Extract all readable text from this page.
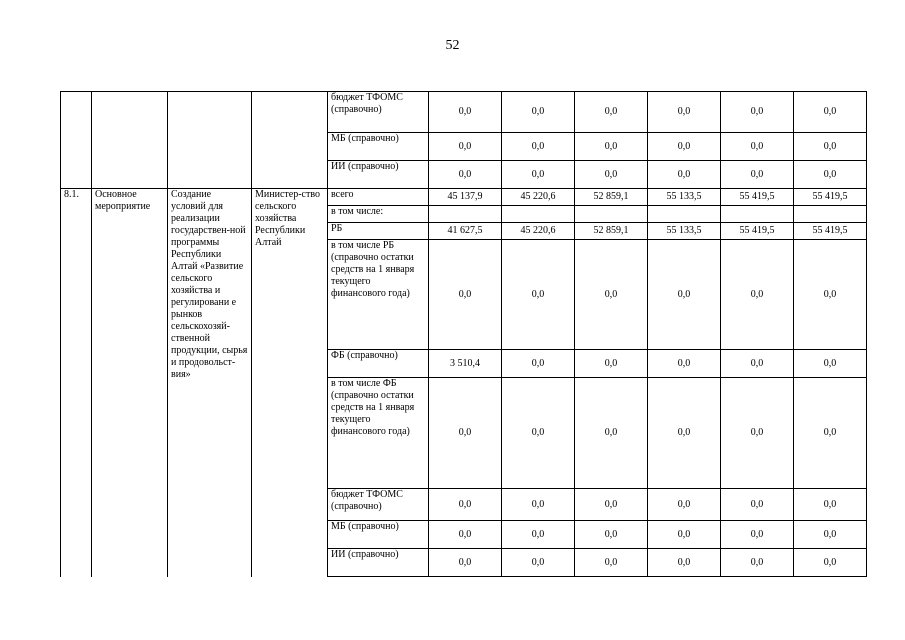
52
				бюджет ТФОМС (справочно)	0,0	0,0	0,0	0,0	0,0	0,0
				МБ (справочно)	0,0	0,0	0,0	0,0	0,0	0,0
				ИИ (справочно)	0,0	0,0	0,0	0,0	0,0	0,0
8.1.	Основное мероприятие	Создание условий для реализации государствен-ной программы Республики Алтай «Развитие сельского хозяйства и регулировани е рынков сельскохозяй-ственной продукции, сырья и продовольст-вия»	Министер-ство сельского хозяйства Республики Алтай	всего	45 137,9	45 220,6	52 859,1	55 133,5	55 419,5	55 419,5
				в том числе:						
				РБ	41 627,5	45 220,6	52 859,1	55 133,5	55 419,5	55 419,5
				в том числе РБ (справочно остатки средств на 1 января текущего финансового года)	0,0	0,0	0,0	0,0	0,0	0,0
				ФБ (справочно)	3 510,4	0,0	0,0	0,0	0,0	0,0
				в том числе ФБ (справочно остатки средств на 1 января текущего финансового года)	0,0	0,0	0,0	0,0	0,0	0,0
				бюджет ТФОМС (справочно)	0,0	0,0	0,0	0,0	0,0	0,0
				МБ (справочно)	0,0	0,0	0,0	0,0	0,0	0,0
				ИИ (справочно)	0,0	0,0	0,0	0,0	0,0	0,0
